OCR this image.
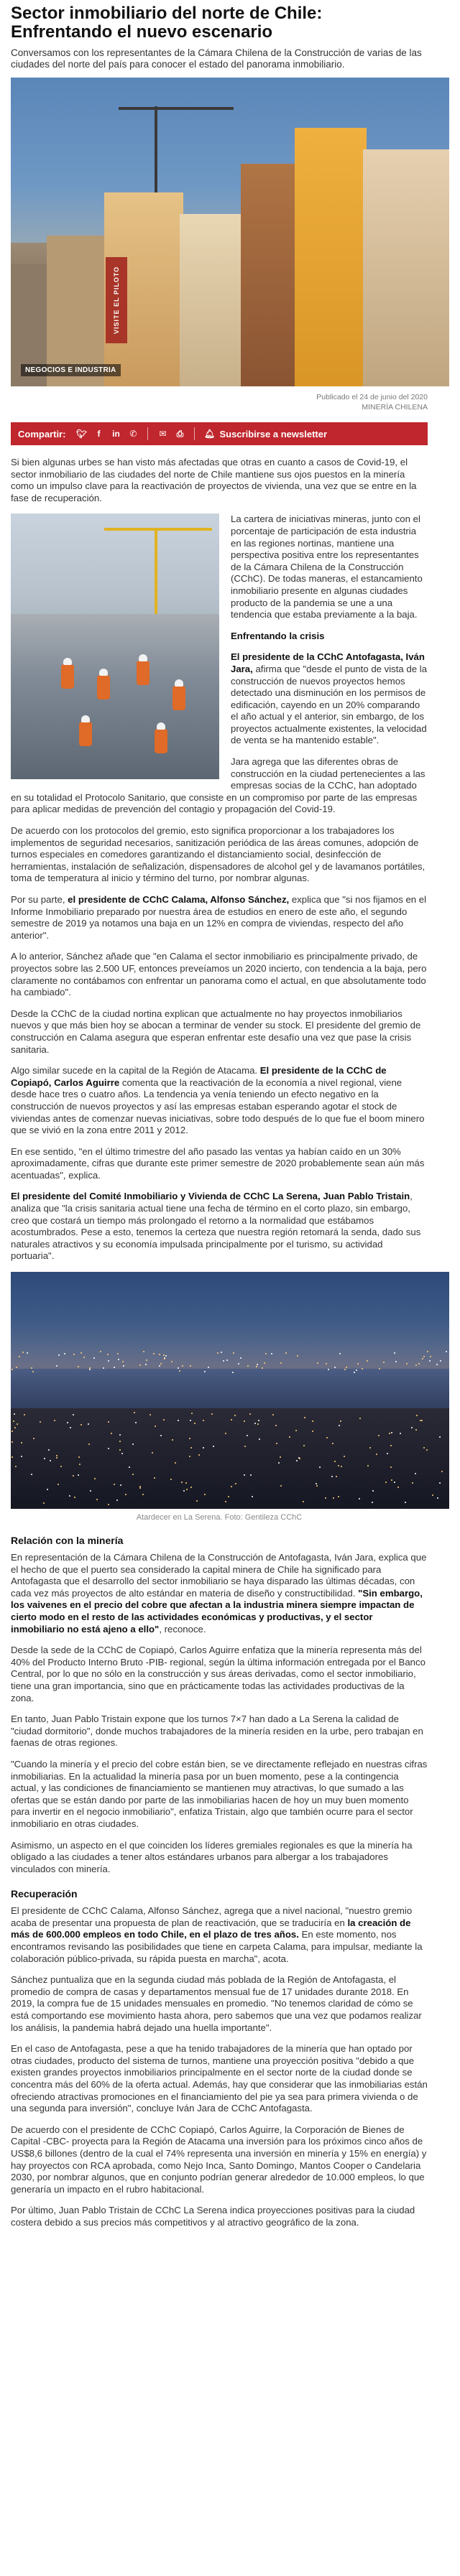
Sector inmobiliario del norte de Chile: Enfrentando el nuevo escenario

Conversamos con los representantes de la Cámara Chilena de la Construcción de varias de las ciudades del norte del país para conocer el estado del panorama inmobiliario.

VISITE EL PILOTO
NEGOCIOS E INDUSTRIA
Publicado el 24 de junio del 2020
MINERÍA CHILENA
Compartir: 🐦︎	f	in ✆	✉ ⎙ 🔔︎ Suscribirse a newsletter

Si bien algunas urbes se han visto más afectadas que otras en cuanto a casos de Covid-19, el sector inmobiliario de las ciudades del norte de Chile mantiene sus ojos puestos en la minería como un impulso clave para la reactivación de proyectos de vivienda, una vez que se entre en la fase de recuperación.

La cartera de iniciativas mineras, junto con el porcentaje de participación de esta industria en las regiones nortinas, mantiene una perspectiva positiva entre los representantes de la Cámara Chilena de la Construcción (CChC). De todas maneras, el estancamiento inmobiliario presente en algunas ciudades producto de la pandemia se une a una tendencia que estaba previamente a la baja.

Enfrentando la crisis

El presidente de la CChC Antofagasta, Iván Jara, afirma que "desde el punto de vista de la construcción de nuevos proyectos hemos detectado una disminución en los permisos de edificación, cayendo en un 20% comparando el año actual y el anterior, sin embargo, de los proyectos actualmente existentes, la velocidad de venta se ha mantenido estable".

Jara agrega que las diferentes obras de construcción en la ciudad pertenecientes a las empresas socias de la CChC, han adoptado en su totalidad el Protocolo Sanitario, que consiste en un compromiso por parte de las empresas para aplicar medidas de prevención del contagio y propagación del Covid-19.

De acuerdo con los protocolos del gremio, esto significa proporcionar a los trabajadores los implementos de seguridad necesarios, sanitización periódica de las áreas comunes, adopción de turnos especiales en comedores garantizando el distanciamiento social, desinfección de herramientas, instalación de señalización, dispensadores de alcohol gel y de lavamanos portátiles, toma de temperatura al inicio y término del turno, por nombrar algunas.

Por su parte, el presidente de CChC Calama, Alfonso Sánchez, explica que "si nos fijamos en el Informe Inmobiliario preparado por nuestra área de estudios en enero de este año, el segundo semestre de 2019 ya notamos una baja en un 12% en compra de viviendas, respecto del año anterior".

A lo anterior, Sánchez añade que "en Calama el sector inmobiliario es principalmente privado, de proyectos sobre las 2.500 UF, entonces preveíamos un 2020 incierto, con tendencia a la baja, pero claramente no contábamos con enfrentar un panorama como el actual, en que absolutamente todo ha cambiado".

Desde la CChC de la ciudad nortina explican que actualmente no hay proyectos inmobiliarios nuevos y que más bien hoy se abocan a terminar de vender su stock. El presidente del gremio de construcción en Calama asegura que esperan enfrentar este desafío una vez que pase la crisis sanitaria.

Algo similar sucede en la capital de la Región de Atacama. El presidente de la CChC de Copiapó, Carlos Aguirre comenta que la reactivación de la economía a nivel regional, viene desde hace tres o cuatro años. La tendencia ya venía teniendo un efecto negativo en la construcción de nuevos proyectos y así las empresas estaban esperando agotar el stock de viviendas antes de comenzar nuevas iniciativas, sobre todo después de lo que fue el boom minero que se vivió en la zona entre 2011 y 2012.

En ese sentido, "en el último trimestre del año pasado las ventas ya habían caído en un 30% aproximadamente, cifras que durante este primer semestre de 2020 probablemente sean aún más acentuadas", explica.

El presidente del Comité Inmobiliario y Vivienda de CChC La Serena, Juan Pablo Tristain, analiza que "la crisis sanitaria actual tiene una fecha de término en el corto plazo, sin embargo, creo que costará un tiempo más prolongado el retorno a la normalidad que estábamos acostumbrados. Pese a esto, tenemos la certeza que nuestra región retomará la senda, dado sus naturales atractivos y su economía impulsada principalmente por el turismo, su actividad portuaria".

Atardecer en La Serena. Foto: Gentileza CChC

Relación con la minería

En representación de la Cámara Chilena de la Construcción de Antofagasta, Iván Jara, explica que el hecho de que el puerto sea considerado la capital minera de Chile ha significado para Antofagasta que el desarrollo del sector inmobiliario se haya disparado las últimas décadas, con cada vez más proyectos de alto estándar en materia de diseño y constructibilidad. "Sin embargo, los vaivenes en el precio del cobre que afectan a la industria minera siempre impactan de cierto modo en el resto de las actividades económicas y productivas, y el sector inmobiliario no está ajeno a ello", reconoce.

Desde la sede de la CChC de Copiapó, Carlos Aguirre enfatiza que la minería representa más del 40% del Producto Interno Bruto -PIB- regional, según la última información entregada por el Banco Central, por lo que no sólo en la construcción y sus áreas derivadas, como el sector inmobiliario, tiene una gran importancia, sino que en prácticamente todas las actividades productivas de la zona.

En tanto, Juan Pablo Tristain expone que los turnos 7×7 han dado a La Serena la calidad de "ciudad dormitorio", donde muchos trabajadores de la minería residen en la urbe, pero trabajan en faenas de otras regiones.

"Cuando la minería y el precio del cobre están bien, se ve directamente reflejado en nuestras cifras inmobiliarias. En la actualidad la minería pasa por un buen momento, pese a la contingencia actual, y las condiciones de financiamiento se mantienen muy atractivas, lo que sumado a las ofertas que se están dando por parte de las inmobiliarias hacen de hoy un muy buen momento para invertir en el negocio inmobiliario", enfatiza Tristain, algo que también ocurre para el sector inmobiliario en otras ciudades.

Asimismo, un aspecto en el que coinciden los líderes gremiales regionales es que la minería ha obligado a las ciudades a tener altos estándares urbanos para albergar a los trabajadores vinculados con minería.

Recuperación

El presidente de CChC Calama, Alfonso Sánchez, agrega que a nivel nacional, "nuestro gremio acaba de presentar una propuesta de plan de reactivación, que se traduciría en la creación de más de 600.000 empleos en todo Chile, en el plazo de tres años. En este momento, nos encontramos revisando las posibilidades que tiene en carpeta Calama, para impulsar, mediante la colaboración público-privada, su rápida puesta en marcha", acota.

Sánchez puntualiza que en la segunda ciudad más poblada de la Región de Antofagasta, el promedio de compra de casas y departamentos mensual fue de 17 unidades durante 2018. En 2019, la compra fue de 15 unidades mensuales en promedio. "No tenemos claridad de cómo se está comportando ese movimiento hasta ahora, pero sabemos que una vez que podamos realizar los análisis, la pandemia habrá dejado una huella importante".

En el caso de Antofagasta, pese a que ha tenido trabajadores de la minería que han optado por otras ciudades, producto del sistema de turnos, mantiene una proyección positiva "debido a que existen grandes proyectos inmobiliarios principalmente en el sector norte de la ciudad donde se concentra más del 60% de la oferta actual. Además, hay que considerar que las inmobiliarias están ofreciendo atractivas promociones en el financiamiento del pie ya sea para primera vivienda o de una segunda para inversión", concluye Iván Jara de CChC Antofagasta.

De acuerdo con el presidente de CChC Copiapó, Carlos Aguirre, la Corporación de Bienes de Capital -CBC- proyecta para la Región de Atacama una inversión para los próximos cinco años de US$8,6 billones (dentro de la cual el 74% representa una inversión en minería y 15% en energía) y hay proyectos con RCA aprobada, como Nejo Inca, Santo Domingo, Mantos Cooper o Candelaria 2030, por nombrar algunos, que en conjunto podrían generar alrededor de 10.000 empleos, lo que generaría un impacto en el rubro habitacional.

Por último, Juan Pablo Tristain de CChC La Serena indica proyecciones positivas para la ciudad costera debido a sus precios más competitivos y al atractivo geográfico de la zona.
